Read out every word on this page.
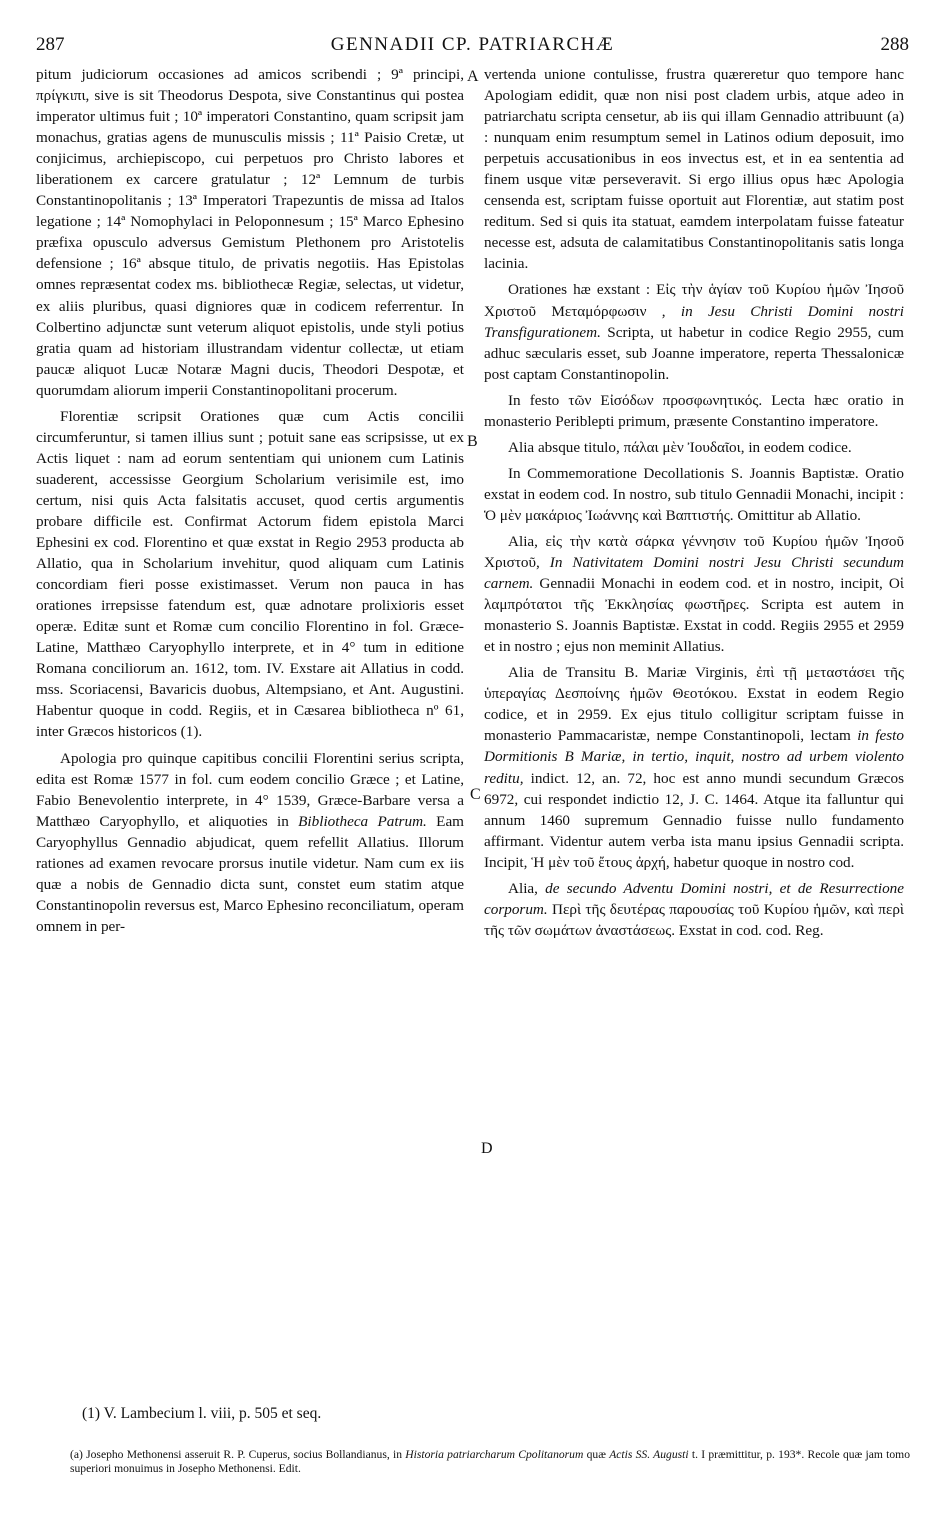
287	GENNADII CP. PATRIARCHÆ	288

pitum judiciorum occasiones ad amicos scribendi ; 9ª principi, πρίγκιπι, sive is sit Theodorus Despota, sive Constantinus qui postea imperator ultimus fuit ; 10ª imperatori Constantino, quam scripsit jam monachus, gratias agens de munusculis missis ; 11ª Paisio Cretæ, ut conjicimus, archiepiscopo, cui perpetuos pro Christo labores et liberationem ex carcere gratulatur ; 12ª Lemnum de turbis Constantinopolitanis ; 13ª Imperatori Trapezuntis de missa ad Italos legatione ; 14ª Nomophylaci in Peloponnesum ; 15ª Marco Ephesino præfixa opusculo adversus Gemistum Plethonem pro Aristotelis defensione ; 16ª absque titulo, de privatis negotiis. Has Epistolas omnes repræsentat codex ms. bibliothecæ Regiæ, selectas, ut videtur, ex aliis pluribus, quasi digniores quæ in codicem referrentur. In Colbertino adjunctæ sunt veterum aliquot epistolis, unde styli potius gratia quam ad historiam illustrandam videntur collectæ, ut etiam paucæ aliquot Lucæ Notaræ Magni ducis, Theodori Despotæ, et quorumdam aliorum imperii Constantinopolitani procerum.

Florentiæ scripsit Orationes quæ cum Actis concilii circumferuntur, si tamen illius sunt ; potuit sane eas scripsisse, ut ex Actis liquet : nam ad eorum sententiam qui unionem cum Latinis suaderent, accessisse Georgium Scholarium verisimile est, imo certum, nisi quis Acta falsitatis accuset, quod certis argumentis probare difficile est. Confirmat Actorum fidem epistola Marci Ephesini ex cod. Florentino et quæ exstat in Regio 2953 producta ab Allatio, qua in Scholarium invehitur, quod aliquam cum Latinis concordiam fieri posse existimasset. Verum non pauca in has orationes irrepsisse fatendum est, quæ adnotare prolixioris esset operæ. Editæ sunt et Romæ cum concilio Florentino in fol. Græce-Latine, Matthæo Caryophyllo interprete, et in 4° tum in editione Romana conciliorum an. 1612, tom. IV. Exstare ait Allatius in codd. mss. Scoriacensi, Bavaricis duobus, Altempsiano, et Ant. Augustini. Habentur quoque in codd. Regiis, et in Cæsarea bibliotheca nº 61, inter Græcos historicos (1).

Apologia pro quinque capitibus concilii Florentini serius scripta, edita est Romæ 1577 in fol. cum eodem concilio Græce ; et Latine, Fabio Benevolentio interprete, in 4° 1539, Græce-Barbare versa a Matthæo Caryophyllo, et aliquoties in Bibliotheca Patrum. Eam Caryophyllus Gennadio abjudicat, quem refellit Allatius. Illorum rationes ad examen revocare prorsus inutile videtur. Nam cum ex iis quæ a nobis de Gennadio dicta sunt, constet eum statim atque Constantinopolin reversus est, Marco Ephesino reconciliatum, operam omnem in per-

A
B
C
D

vertenda unione contulisse, frustra quæreretur quo tempore hanc Apologiam edidit, quæ non nisi post cladem urbis, atque adeo in patriarchatu scripta censetur, ab iis qui illam Gennadio attribuunt (a) : nunquam enim resumptum semel in Latinos odium deposuit, imo perpetuis accusationibus in eos invectus est, et in ea sententia ad finem usque vitæ perseveravit. Si ergo illius opus hæc Apologia censenda est, scriptam fuisse oportuit aut Florentiæ, aut statim post reditum. Sed si quis ita statuat, eamdem interpolatam fuisse fateatur necesse est, adsuta de calamitatibus Constantinopolitanis satis longa lacinia.

Orationes hæ exstant : Εἰς τὴν ἁγίαν τοῦ Κυρίου ἡμῶν Ἰησοῦ Χριστοῦ Μεταμόρφωσιν , in Jesu Christi Domini nostri Transfigurationem. Scripta, ut habetur in codice Regio 2955, cum adhuc sæcularis esset, sub Joanne imperatore, reperta Thessalonicæ post captam Constantinopolin.

In festo τῶν Εἰσόδων προσφωνητικός. Lecta hæc oratio in monasterio Periblepti primum, præsente Constantino imperatore.

Alia absque titulo, πάλαι μὲν Ἰουδαῖοι, in eodem codice.

In Commemoratione Decollationis S. Joannis Baptistæ. Oratio exstat in eodem cod. In nostro, sub titulo Gennadii Monachi, incipit : Ὁ μὲν μακάριος Ἰωάννης καὶ Βαπτιστής. Omittitur ab Allatio.

Alia, εἰς τὴν κατὰ σάρκα γέννησιν τοῦ Κυρίου ἡμῶν Ἰησοῦ Χριστοῦ, In Nativitatem Domini nostri Jesu Christi secundum carnem. Gennadii Monachi in eodem cod. et in nostro, incipit, Οἱ λαμπρότατοι τῆς Ἐκκλησίας φωστῆρες. Scripta est autem in monasterio S. Joannis Baptistæ. Exstat in codd. Regiis 2955 et 2959 et in nostro ; ejus non meminit Allatius.

Alia de Transitu B. Mariæ Virginis, ἐπὶ τῇ μεταστάσει τῆς ὑπεραγίας Δεσποίνης ἡμῶν Θεοτόκου. Exstat in eodem Regio codice, et in 2959. Ex ejus titulo colligitur scriptam fuisse in monasterio Pammacaristæ, nempe Constantinopoli, lectam in festo Dormitionis B Mariæ, in tertio, inquit, nostro ad urbem violento reditu, indict. 12, an. 72, hoc est anno mundi secundum Græcos 6972, cui respondet indictio 12, J. C. 1464. Atque ita falluntur qui annum 1460 supremum Gennadio fuisse nullo fundamento affirmant. Videntur autem verba ista manu ipsius Gennadii scripta. Incipit, Ἡ μὲν τοῦ ἔτους ἀρχή, habetur quoque in nostro cod.

Alia, de secundo Adventu Domini nostri, et de Resurrectione corporum. Περὶ τῆς δευτέρας παρουσίας τοῦ Κυρίου ἡμῶν, καὶ περὶ τῆς τῶν σωμάτων ἀναστάσεως. Exstat in cod. cod. Reg.

(1) V. Lambecium l. viii, p. 505 et seq.
(a) Josepho Methonensi asseruit R. P. Cuperus, socius Bollandianus, in Historia patriarcharum Cpolitanorum quæ Actis SS. Augusti t. I præmittitur, p. 193*. Recole quæ jam tomo superiori monuimus in Josepho Methonensi. Edit.
